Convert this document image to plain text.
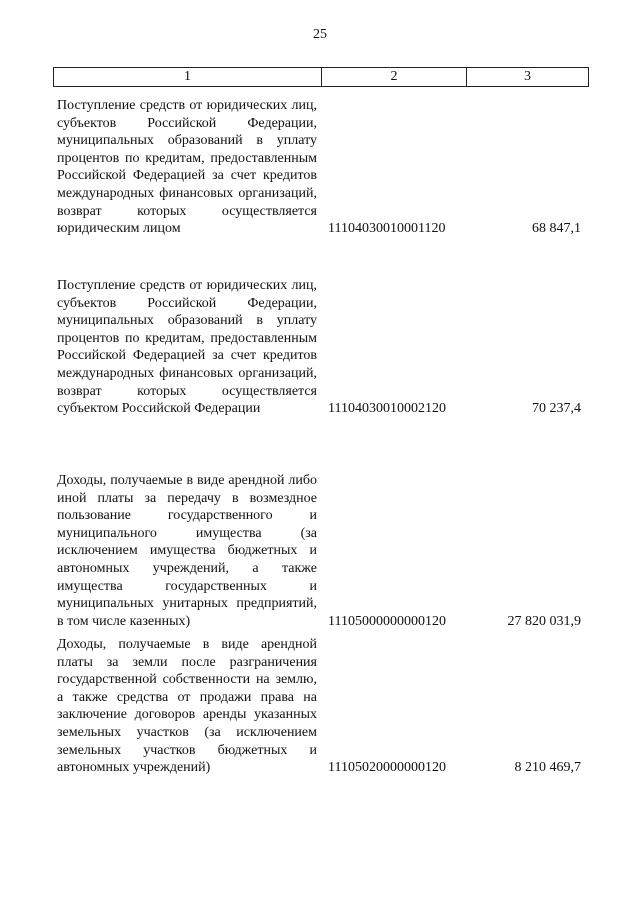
25
1	2	3
Поступление средств от юридических лиц, субъектов Российской Федерации, муниципальных образований в уплату процентов по кредитам, предоставленным Российской Федерацией за счет кредитов международных финансовых организаций, возврат которых осуществляется юридическим лицом	11104030010001120	68 847,1
Поступление средств от юридических лиц, субъектов Российской Федерации, муниципальных образований в уплату процентов по кредитам, предоставленным Российской Федерацией за счет кредитов международных финансовых организаций, возврат которых осуществляется субъектом Российской Федерации	11104030010002120	70 237,4
Доходы, получаемые в виде арендной либо иной платы за передачу в возмездное пользование государственного и муниципального имущества (за исключением имущества бюджетных и автономных учреждений, а также имущества государственных и муниципальных унитарных предприятий, в том числе казенных)	11105000000000120	27 820 031,9
Доходы, получаемые в виде арендной платы за земли после разграничения государственной собственности на землю, а также средства от продажи права на заключение договоров аренды указанных земельных участков (за исключением земельных участков бюджетных и автономных учреждений)	11105020000000120	8 210 469,7
